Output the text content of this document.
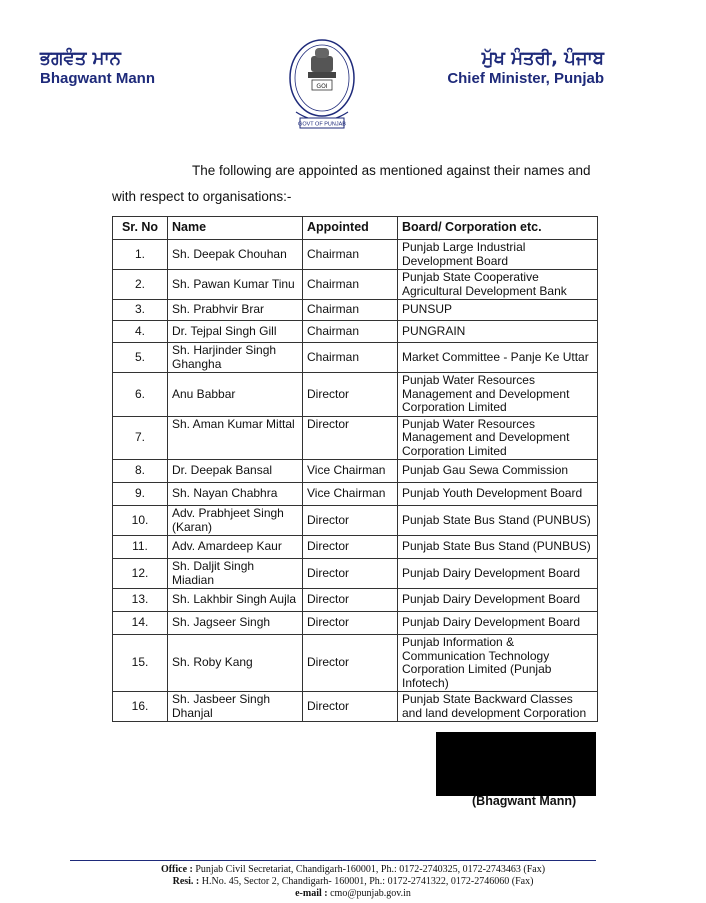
ਭਗਵੰਤ ਮਾਨ
Bhagwant Mann	GOI
GOVT OF PUNJAB
ਮੁੱਖ ਮੰਤਰੀ, ਪੰਜਾਬ
Chief Minister, Punjab
The following are appointed as mentioned against their names and
with respect to organisations:-
Sr. No	Name	Appointed	Board/ Corporation etc.
1.	Sh. Deepak Chouhan	Chairman	Punjab Large Industrial Development Board
2.	Sh. Pawan Kumar Tinu	Chairman	Punjab State Cooperative Agricultural Development Bank
3.	Sh. Prabhvir Brar	Chairman	PUNSUP
4.	Dr. Tejpal Singh Gill	Chairman	PUNGRAIN
5.	Sh. Harjinder Singh Ghangha	Chairman	Market Committee - Panje Ke Uttar
6.	Anu Babbar	Director	Punjab Water Resources Management and Development Corporation Limited
7.	Sh. Aman Kumar Mittal	Director	Punjab Water Resources Management and Development Corporation Limited
8.	Dr. Deepak Bansal	Vice Chairman	Punjab Gau Sewa Commission
9.	Sh. Nayan Chabhra	Vice Chairman	Punjab Youth Development Board
10.	Adv. Prabhjeet Singh (Karan)	Director	Punjab State Bus Stand (PUNBUS)
11.	Adv. Amardeep Kaur	Director	Punjab State Bus Stand (PUNBUS)
12.	Sh. Daljit Singh Miadian	Director	Punjab Dairy Development Board
13.	Sh. Lakhbir Singh Aujla	Director	Punjab Dairy Development Board
14.	Sh. Jagseer Singh	Director	Punjab Dairy Development Board
15.	Sh. Roby Kang	Director	Punjab Information & Communication Technology Corporation Limited (Punjab Infotech)
16.	Sh. Jasbeer Singh Dhanjal	Director	Punjab State Backward Classes and land development Corporation
(Bhagwant Mann)
Office : Punjab Civil Secretariat, Chandigarh-160001, Ph.: 0172-2740325, 0172-2743463 (Fax)
Resi. : H.No. 45, Sector 2, Chandigarh- 160001, Ph.: 0172-2741322, 0172-2746060 (Fax)
e-mail : cmo@punjab.gov.in
